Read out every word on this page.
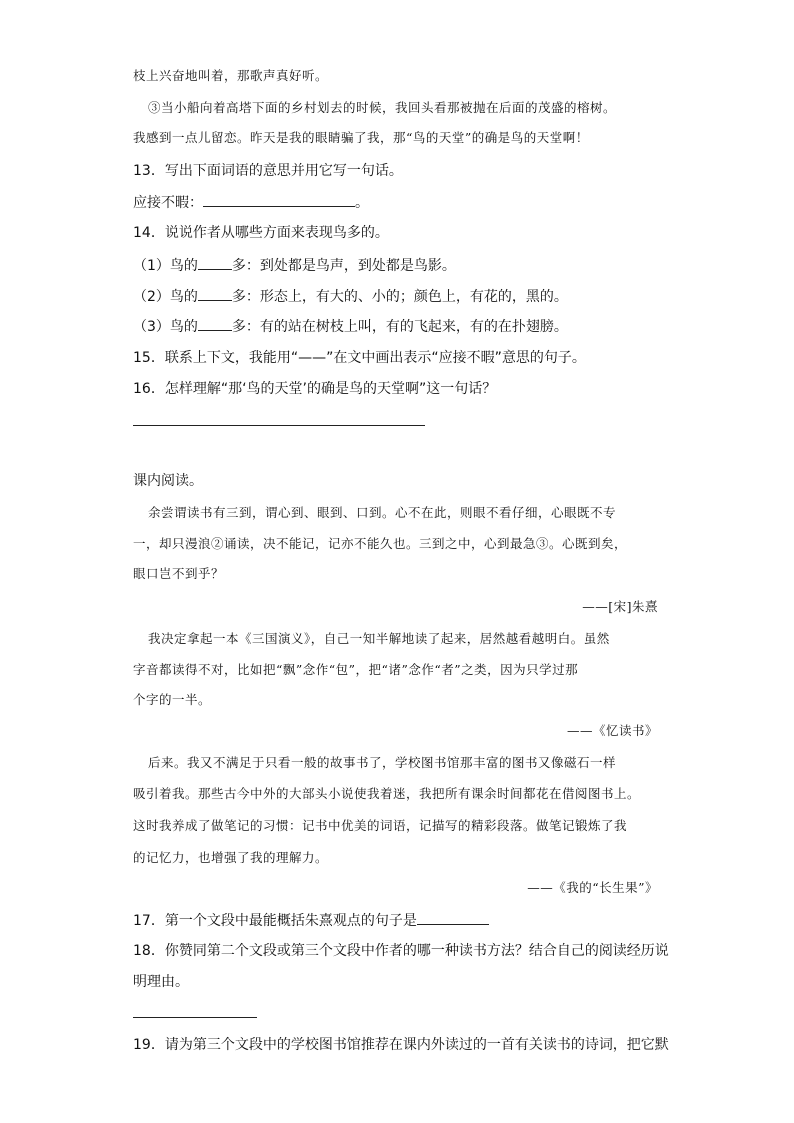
枝上兴奋地叫着，那歌声真好听。
③当小船向着高塔下面的乡村划去的时候，我回头看那被抛在后面的茂盛的榕树。
我感到一点儿留恋。昨天是我的眼睛骗了我，那“鸟的天堂”的确是鸟的天堂啊！
13．写出下面词语的意思并用它写一句话。
应接不暇：	。
14．说说作者从哪些方面来表现鸟多的。
（1）鸟的 多：到处都是鸟声，到处都是鸟影。
（2）鸟的 多：形态上，有大的、小的；颜色上，有花的，黑的。
（3）鸟的 多：有的站在树枝上叫，有的飞起来，有的在扑翅膀。
15．联系上下文，我能用“——”在文中画出表示“应接不暇”意思的句子。
16．怎样理解“那‘鸟的天堂’的确是鸟的天堂啊”这一句话？
课内阅读。
余尝谓读书有三到，谓心到、眼到、口到。心不在此，则眼不看仔细，心眼既不专
一，却只漫浪②诵读，决不能记，记亦不能久也。三到之中，心到最急③。心既到矣，
眼口岂不到乎？
——[宋]朱熹
我决定拿起一本《三国演义》，自己一知半解地读了起来，居然越看越明白。虽然
字音都读得不对，比如把“飘”念作“包”，把“诸”念作“者”之类，因为只学过那
个字的一半。
——《忆读书》
后来。我又不满足于只看一般的故事书了，学校图书馆那丰富的图书又像磁石一样
吸引着我。那些古今中外的大部头小说使我着迷，我把所有课余时间都花在借阅图书上。
这时我养成了做笔记的习惯：记书中优美的词语，记描写的精彩段落。做笔记锻炼了我
的记忆力，也增强了我的理解力。
——《我的“长生果”》
17．第一个文段中最能概括朱熹观点的句子是
18．你赞同第二个文段或第三个文段中作者的哪一种读书方法？结合自己的阅读经历说
明理由。
19．请为第三个文段中的学校图书馆推荐在课内外读过的一首有关读书的诗词，把它默
